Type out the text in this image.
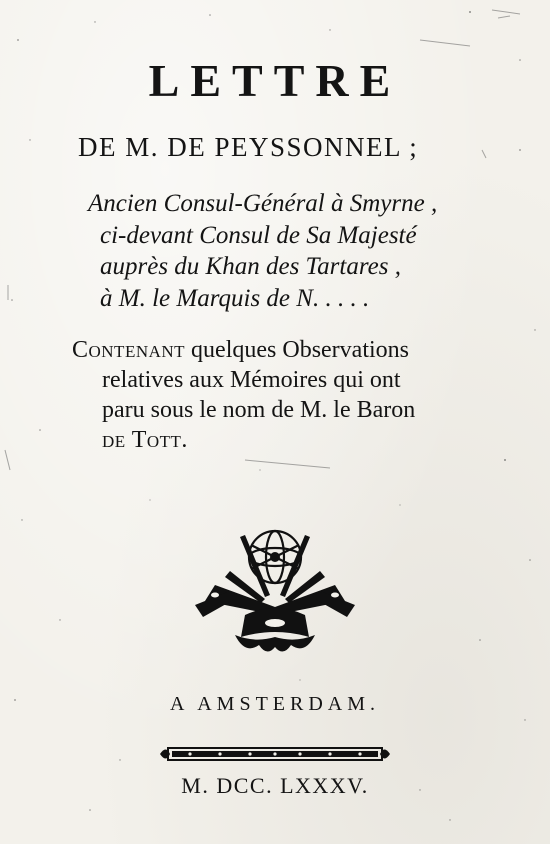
LETTRE
DE M. DE PEYSSONNEL ;
Ancien Consul-Général à Smyrne ,
ci-devant Consul de Sa Majesté
auprès du Khan des Tartares ,
à M. le Marquis de N. . . . .
Contenant quelques Observations
relatives aux Mémoires qui ont
paru sous le nom de M. le Baron
de Tott.
A AMSTERDAM.
M. DCC. LXXXV.
